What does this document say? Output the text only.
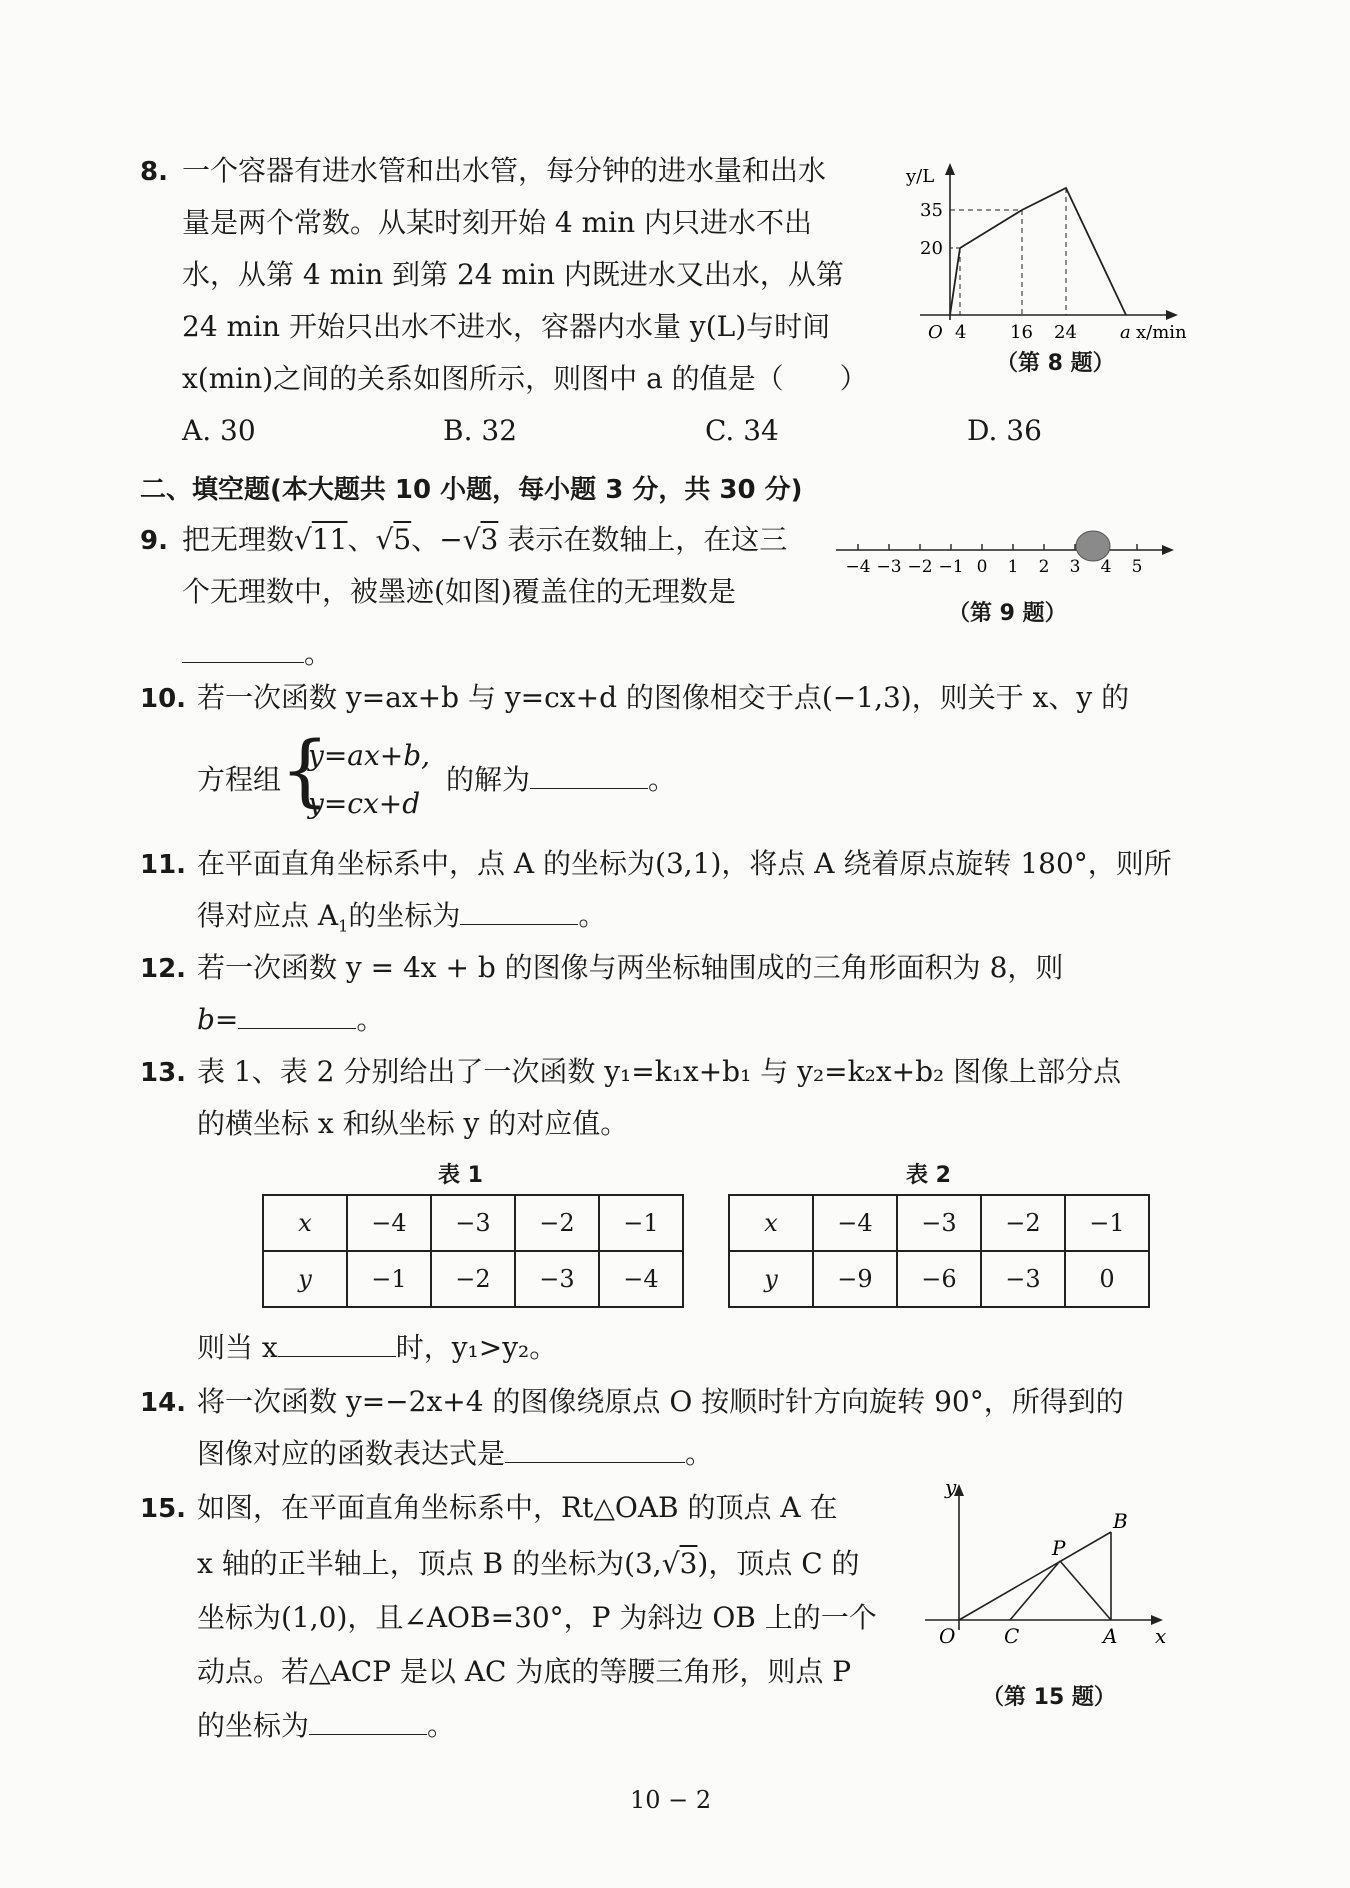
8. 一个容器有进水管和出水管，每分钟的进水量和出水
量是两个常数。从某时刻开始 4 min 内只进水不出
水，从第 4 min 到第 24 min 内既进水又出水，从第
24 min 开始只出水不进水，容器内水量 y(L)与时间
x(min)之间的关系如图所示，则图中 a 的值是（　　）
A. 30	B. 32	C. 34	D. 36
y/L
35
20
O 4 16 24 a x/min
（第 8 题）
二、填空题(本大题共 10 小题，每小题 3 分，共 30 分)
9. 把无理数√11、√5、−√3 表示在数轴上，在这三
个无理数中，被墨迹(如图)覆盖住的无理数是
。
−4 −3 −2 −1 0 1 2 3 4 5
（第 9 题）
10. 若一次函数 y=ax+b 与 y=cx+d 的图像相交于点(−1,3)，则关于 x、y 的
方程组
{
y=ax+b,
y=cx+d
的解为	。
11. 在平面直角坐标系中，点 A 的坐标为(3,1)，将点 A 绕着原点旋转 180°，则所
得对应点 $A_1$的坐标为	。
12. 若一次函数 y = 4x + b 的图像与两坐标轴围成的三角形面积为 8，则
b=	。
13. 表 1、表 2 分别给出了一次函数 y₁=k₁x+b₁ 与 y₂=k₂x+b₂ 图像上部分点
的横坐标 x 和纵坐标 y 的对应值。
表 1
x	−4	−3	−2	−1
y	−1	−2	−3	−4
表 2
x	−4	−3	−2	−1
y	−9	−6	−3	0
则当 x	时，y₁>y₂。
14. 将一次函数 y=−2x+4 的图像绕原点 O 按顺时针方向旋转 90°，所得到的
图像对应的函数表达式是	。
15. 如图，在平面直角坐标系中，Rt△OAB 的顶点 A 在
x 轴的正半轴上，顶点 B 的坐标为(3,√3)，顶点 C 的
坐标为(1,0)，且∠AOB=30°，P 为斜边 OB 上的一个
动点。若△ACP 是以 AC 为底的等腰三角形，则点 P
的坐标为	。
y
x
O C	A
B
P
（第 15 题）
10 − 2
